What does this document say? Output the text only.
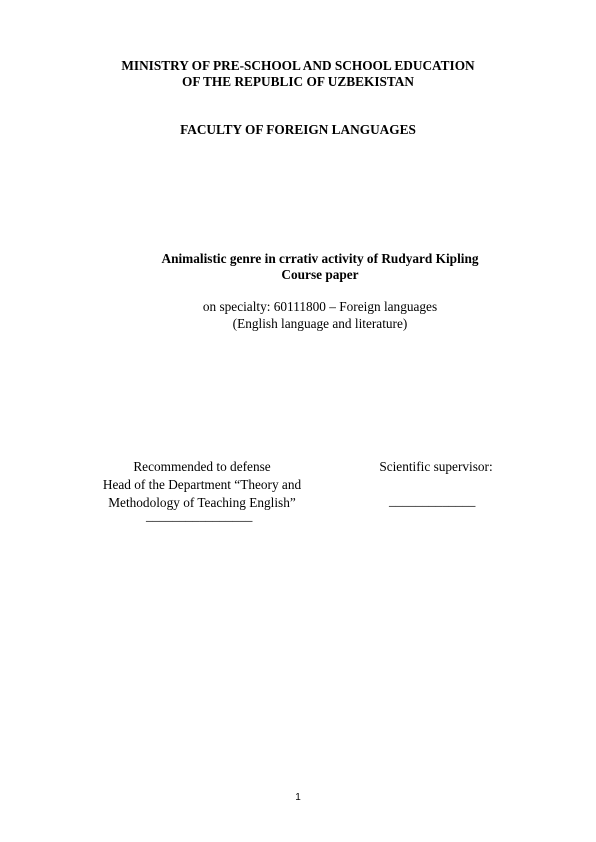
MINISTRY OF PRE-SCHOOL AND SCHOOL EDUCATION
OF THE REPUBLIC OF UZBEKISTAN
FACULTY OF FOREIGN LANGUAGES
Animalistic genre in crrativ activity of Rudyard Kipling
Course paper
on specialty: 60111800 – Foreign languages
(English language and literature)
Recommended to defense
Head of the Department “Theory and
Methodology of Teaching English”
________________
Scientific supervisor:
_____________
1
